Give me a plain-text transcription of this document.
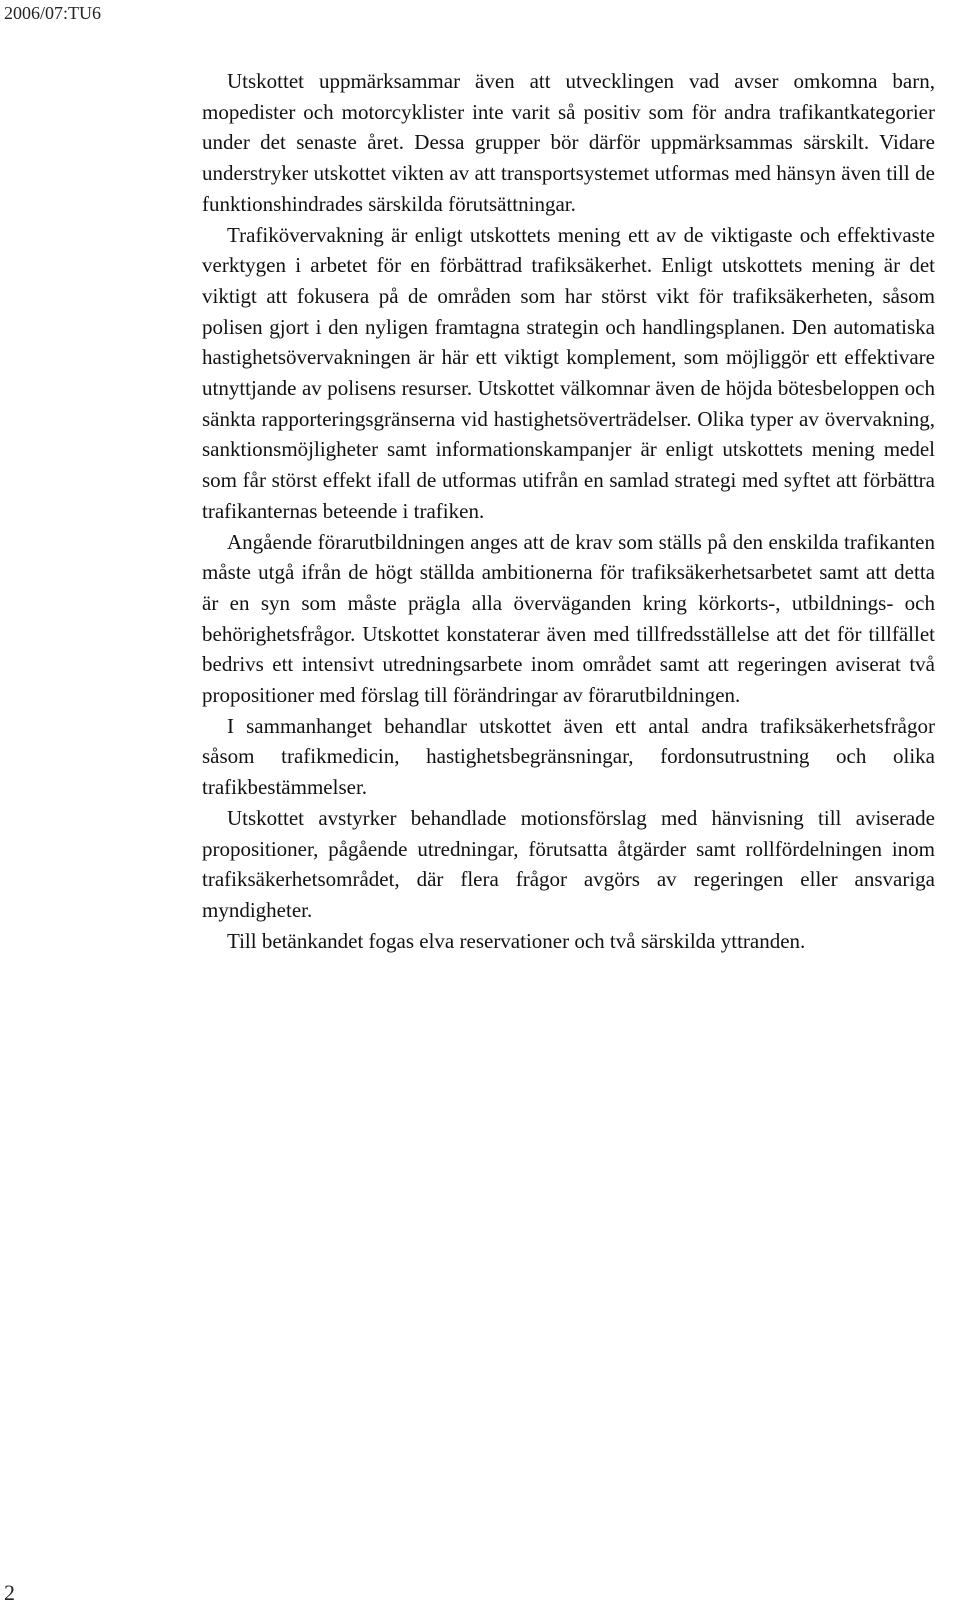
2006/07:TU6

Utskottet uppmärksammar även att utvecklingen vad avser omkomna barn, mopedister och motorcyklister inte varit så positiv som för andra trafikantkategorier under det senaste året. Dessa grupper bör därför uppmärksammas särskilt. Vidare understryker utskottet vikten av att transportsystemet utformas med hänsyn även till de funktionshindrades särskilda förutsättningar.

Trafikövervakning är enligt utskottets mening ett av de viktigaste och effektivaste verktygen i arbetet för en förbättrad trafiksäkerhet. Enligt utskottets mening är det viktigt att fokusera på de områden som har störst vikt för trafiksäkerheten, såsom polisen gjort i den nyligen framtagna strategin och handlingsplanen. Den automatiska hastighetsövervakningen är här ett viktigt komplement, som möjliggör ett effektivare utnyttjande av polisens resurser. Utskottet välkomnar även de höjda bötesbeloppen och sänkta rapporteringsgränserna vid hastighetsöverträdelser. Olika typer av övervakning, sanktionsmöjligheter samt informationskampanjer är enligt utskottets mening medel som får störst effekt ifall de utformas utifrån en samlad strategi med syftet att förbättra trafikanternas beteende i trafiken.

Angående förarutbildningen anges att de krav som ställs på den enskilda trafikanten måste utgå ifrån de högt ställda ambitionerna för trafiksäkerhetsarbetet samt att detta är en syn som måste prägla alla överväganden kring körkorts-, utbildnings- och behörighetsfrågor. Utskottet konstaterar även med tillfredsställelse att det för tillfället bedrivs ett intensivt utredningsarbete inom området samt att regeringen aviserat två propositioner med förslag till förändringar av förarutbildningen.

I sammanhanget behandlar utskottet även ett antal andra trafiksäkerhetsfrågor såsom trafikmedicin, hastighetsbegränsningar, fordonsutrustning och olika trafikbestämmelser.

Utskottet avstyrker behandlade motionsförslag med hänvisning till aviserade propositioner, pågående utredningar, förutsatta åtgärder samt rollfördelningen inom trafiksäkerhetsområdet, där flera frågor avgörs av regeringen eller ansvariga myndigheter.

Till betänkandet fogas elva reservationer och två särskilda yttranden.

2
